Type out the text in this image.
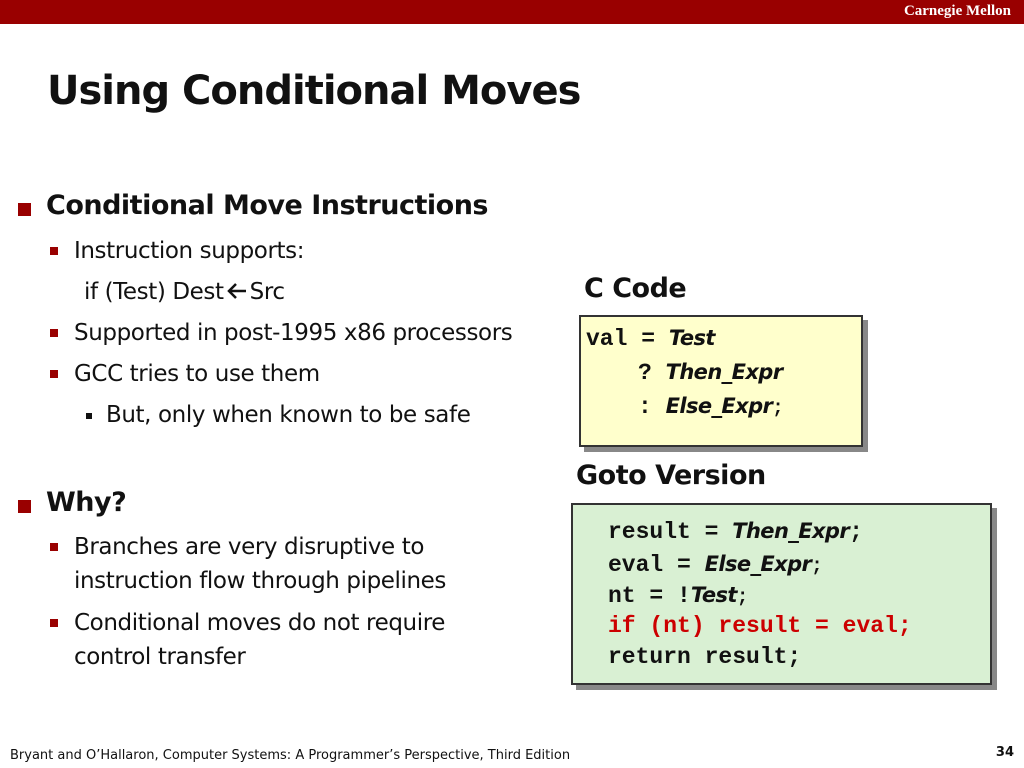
Carnegie Mellon
Using Conditional Moves
Conditional Move Instructions
Instruction supports:
if (Test) Dest Src
Supported in post-1995 x86 processors
GCC tries to use them
But, only when known to be safe
Why?
Branches are very disruptive to
instruction flow through pipelines
Conditional moves do not require
control transfer
C Code
val = Test
? Then_Expr
: Else_Expr;
Goto Version
result = Then_Expr;
eval = Else_Expr;
nt = !Test;
if (nt) result = eval;
return result;
Bryant and O’Hallaron, Computer Systems: A Programmer’s Perspective, Third Edition	34
